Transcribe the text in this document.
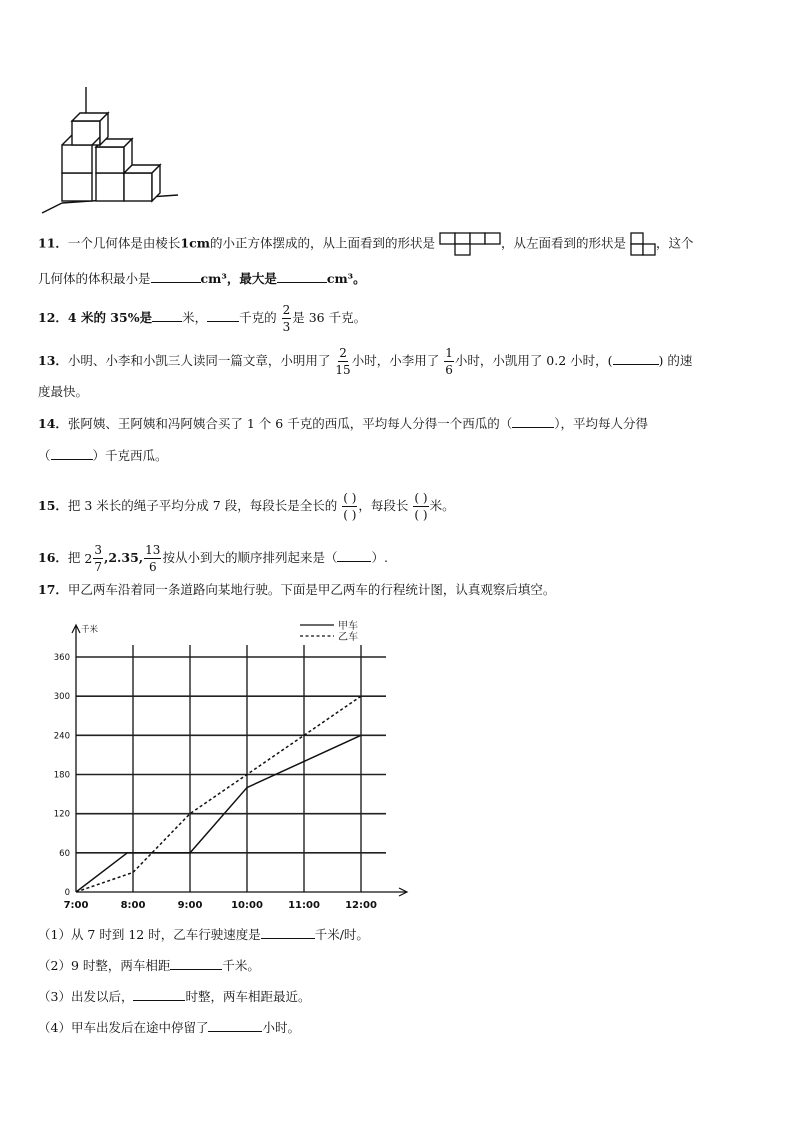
11．一个几何体是由棱长1cm的小正方体摆成的，从上面看到的形状是	，从左面看到的形状是 ，这个
几何体的体积最小是	cm³，最大是	cm³。
12．4 米的 35%是 米，	千克的 $\frac{2}{3}$ 是 36 千克。
13．小明、小李和小凯三人读同一篇文章，小明用了 $\frac{2}{15}$ 小时，小李用了 $\frac{1}{6}$ 小时，小凯用了 0.2 小时，(	) 的速
度最快。
14．张阿姨、王阿姨和冯阿姨合买了 1 个 6 千克的西瓜，平均每人分得一个西瓜的（	），平均每人分得
（	）千克西瓜。
15．把 3 米长的绳子平均分成 7 段，每段长是全长的 $\frac{( )}{( )}$ ，每段长 $\frac{( )}{( )}$ 米。
16．把 $2 \frac{3}{7} ,2.35$, $\frac{13}{6}$ 按从小到大的顺序排列起来是（	）.
17．甲乙两车沿着同一条道路向某地行驶。下面是甲乙两车的行程统计图，认真观察后填空。
0
60
120
180
240
300
360
7:00	8:00	9:00	10:00	11:00	12:00
千米	甲车
乙车
（1）从 7 时到 12 时，乙车行驶速度是	千米/时。
（2）9 时整，两车相距	千米。
（3）出发以后，	时整，两车相距最近。
（4）甲车出发后在途中停留了	小时。
